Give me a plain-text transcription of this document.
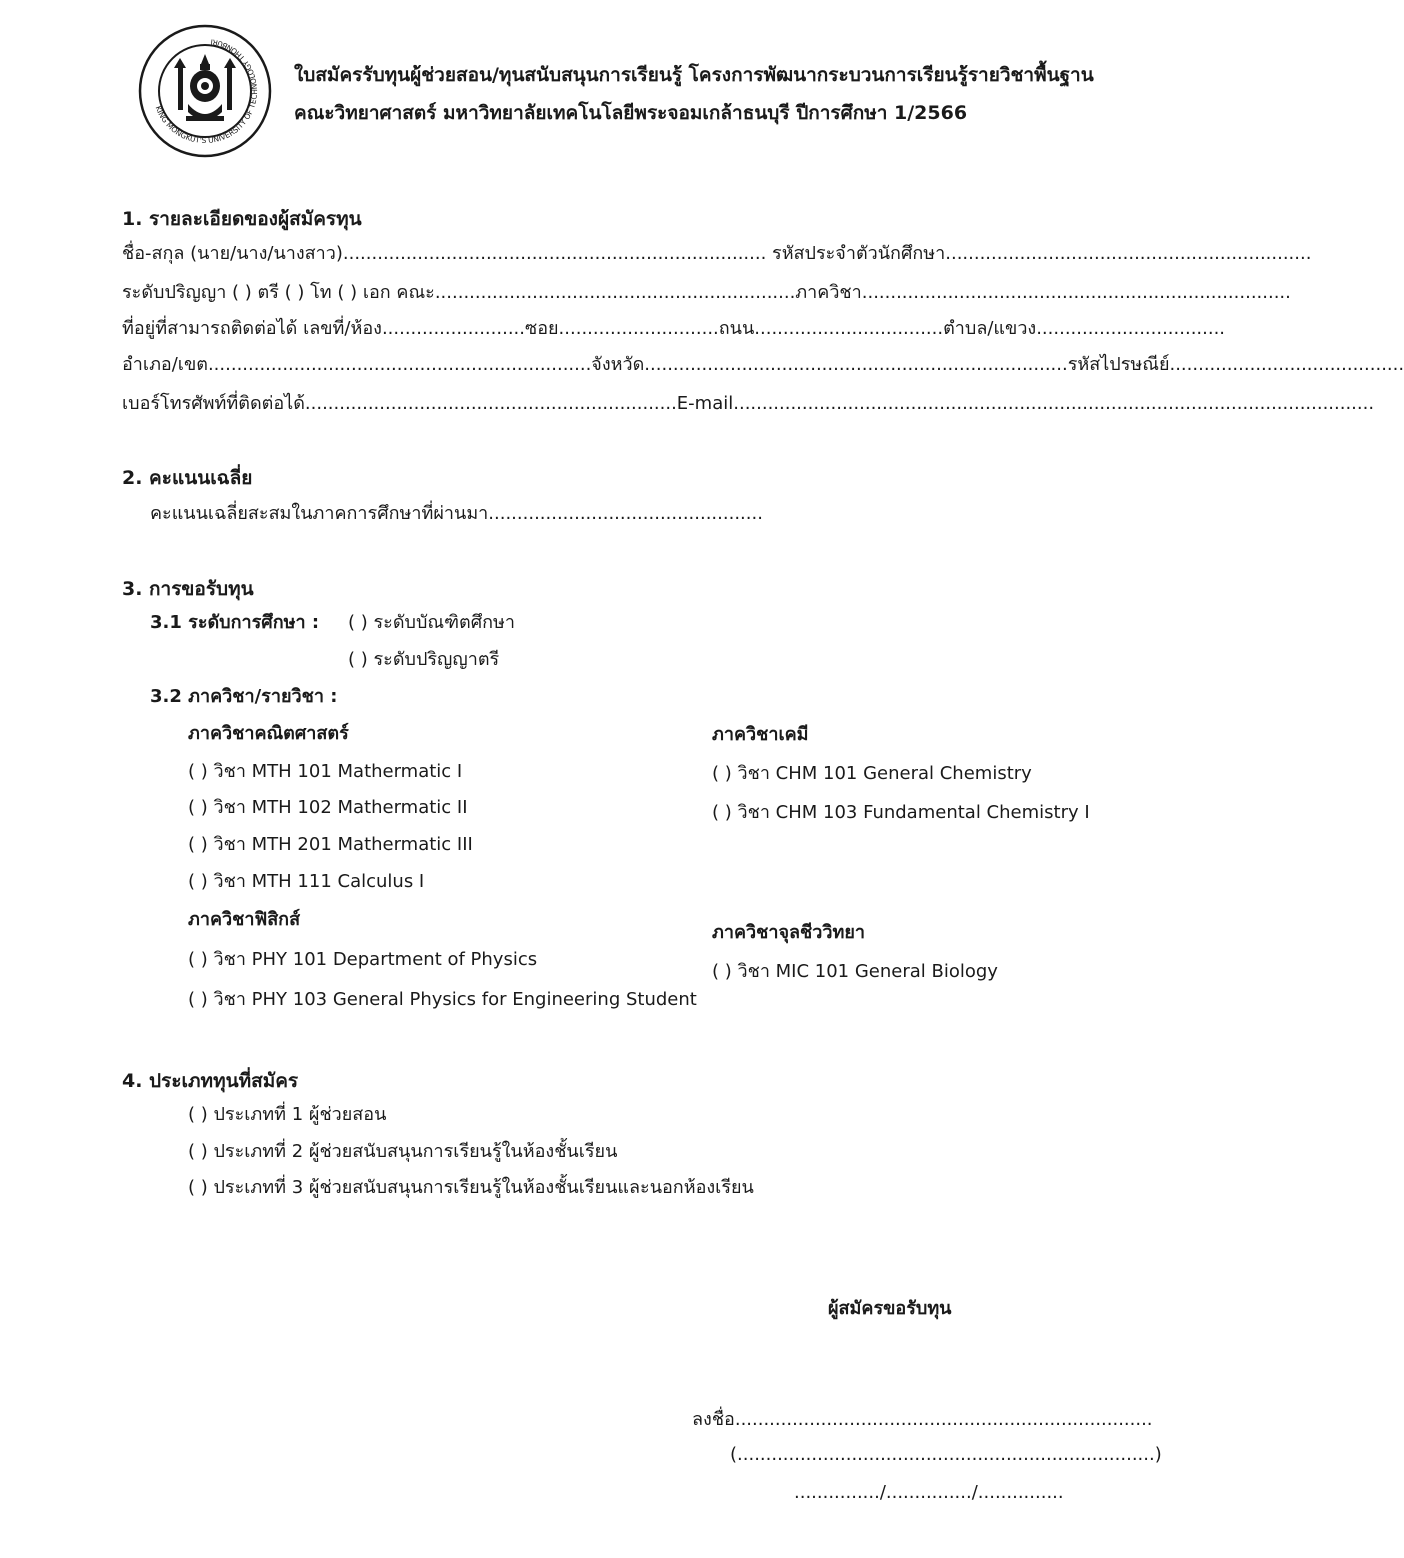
KING MONGKUT'S UNIVERSITY OF TECHNOLOGY THONBURI
ใบสมัครรับทุนผู้ช่วยสอน/ทุนสนับสนุนการเรียนรู้ โครงการพัฒนากระบวนการเรียนรู้รายวิชาพื้นฐาน
คณะวิทยาศาสตร์ มหาวิทยาลัยเทคโนโลยีพระจอมเกล้าธนบุรี ปีการศึกษา 1/2566
1. รายละเอียดของผู้สมัครทุน
ชื่อ-สกุล (นาย/นาง/นางสาว).......................................................................... รหัสประจำตัวนักศึกษา................................................................
ระดับปริญญา ( ) ตรี ( ) โท ( ) เอก คณะ...............................................................ภาควิชา...........................................................................
ที่อยู่ที่สามารถติดต่อได้ เลขที่/ห้อง.........................ซอย............................ถนน.................................ตำบล/แขวง.................................
อำเภอ/เขต...................................................................จังหวัด..........................................................................รหัสไปรษณีย์.........................................
เบอร์โทรศัพท์ที่ติดต่อได้.................................................................E-mail................................................................................................................
2. คะแนนเฉลี่ย
คะแนนเฉลี่ยสะสมในภาคการศึกษาที่ผ่านมา................................................
3. การขอรับทุน
3.1 ระดับการศึกษา : ( ) ระดับบัณฑิตศึกษา
( ) ระดับปริญญาตรี
3.2 ภาควิชา/รายวิชา :
ภาควิชาคณิตศาสตร์
( ) วิชา MTH 101 Mathermatic I
( ) วิชา MTH 102 Mathermatic II
( ) วิชา MTH 201 Mathermatic III
( ) วิชา MTH 111 Calculus I
ภาควิชาฟิสิกส์
( ) วิชา PHY 101 Department of Physics
( ) วิชา PHY 103 General Physics for Engineering Student
ภาควิชาเคมี
( ) วิชา CHM 101 General Chemistry
( ) วิชา CHM 103 Fundamental Chemistry I
ภาควิชาจุลชีววิทยา
( ) วิชา MIC 101 General Biology
4. ประเภททุนที่สมัคร
( ) ประเภทที่ 1 ผู้ช่วยสอน
( ) ประเภทที่ 2 ผู้ช่วยสนับสนุนการเรียนรู้ในห้องชั้นเรียน
( ) ประเภทที่ 3 ผู้ช่วยสนับสนุนการเรียนรู้ในห้องชั้นเรียนและนอกห้องเรียน
ผู้สมัครขอรับทุน
ลงชื่อ.........................................................................
(.........................................................................)
.............../.............../...............
